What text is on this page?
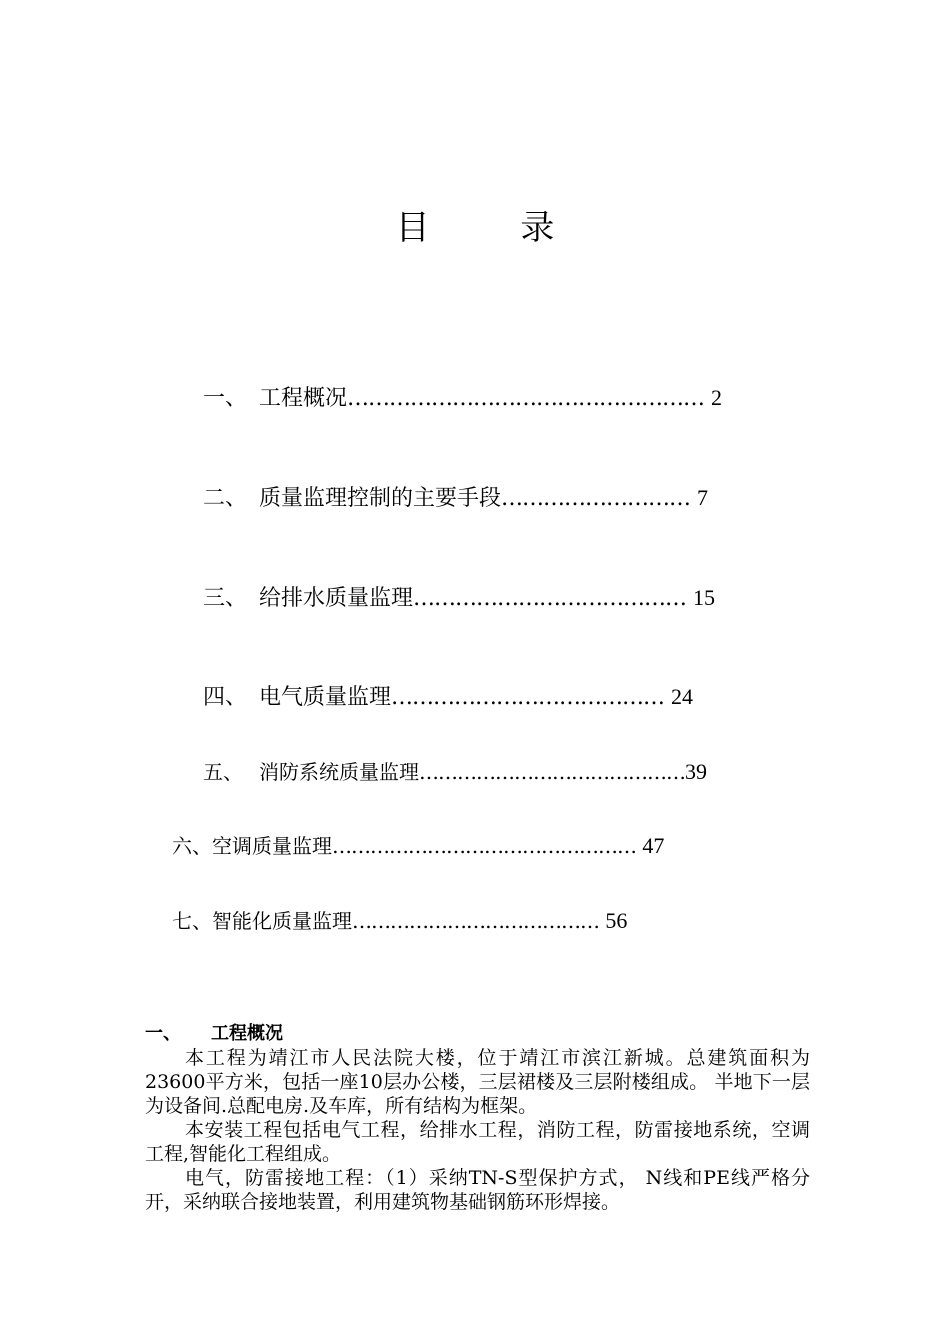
目 录
一、 工程概况…………………………………………… 2
二、 质量监理控制的主要手段……………………… 7
三、 给排水质量监理………………………………… 15
四、 电气质量监理………………………………… 24
五、 消防系统质量监理……………………………………39
六、空调质量监理………………………………………… 47
七、智能化质量监理………………………………… 56
一、 工程概况

本工程为靖江市人民法院大楼，位于靖江市滨江新城。总建筑面积为23600平方米，包括一座10层办公楼，三层裙楼及三层附楼组成。 半地下一层为设备间.总配电房.及车库，所有结构为框架。

本安装工程包括电气工程，给排水工程，消防工程，防雷接地系统，空调工程,智能化工程组成。

电气，防雷接地工程：（1）采纳TN-S型保护方式， N线和PE线严格分开，采纳联合接地装置，利用建筑物基础钢筋环形焊接。
